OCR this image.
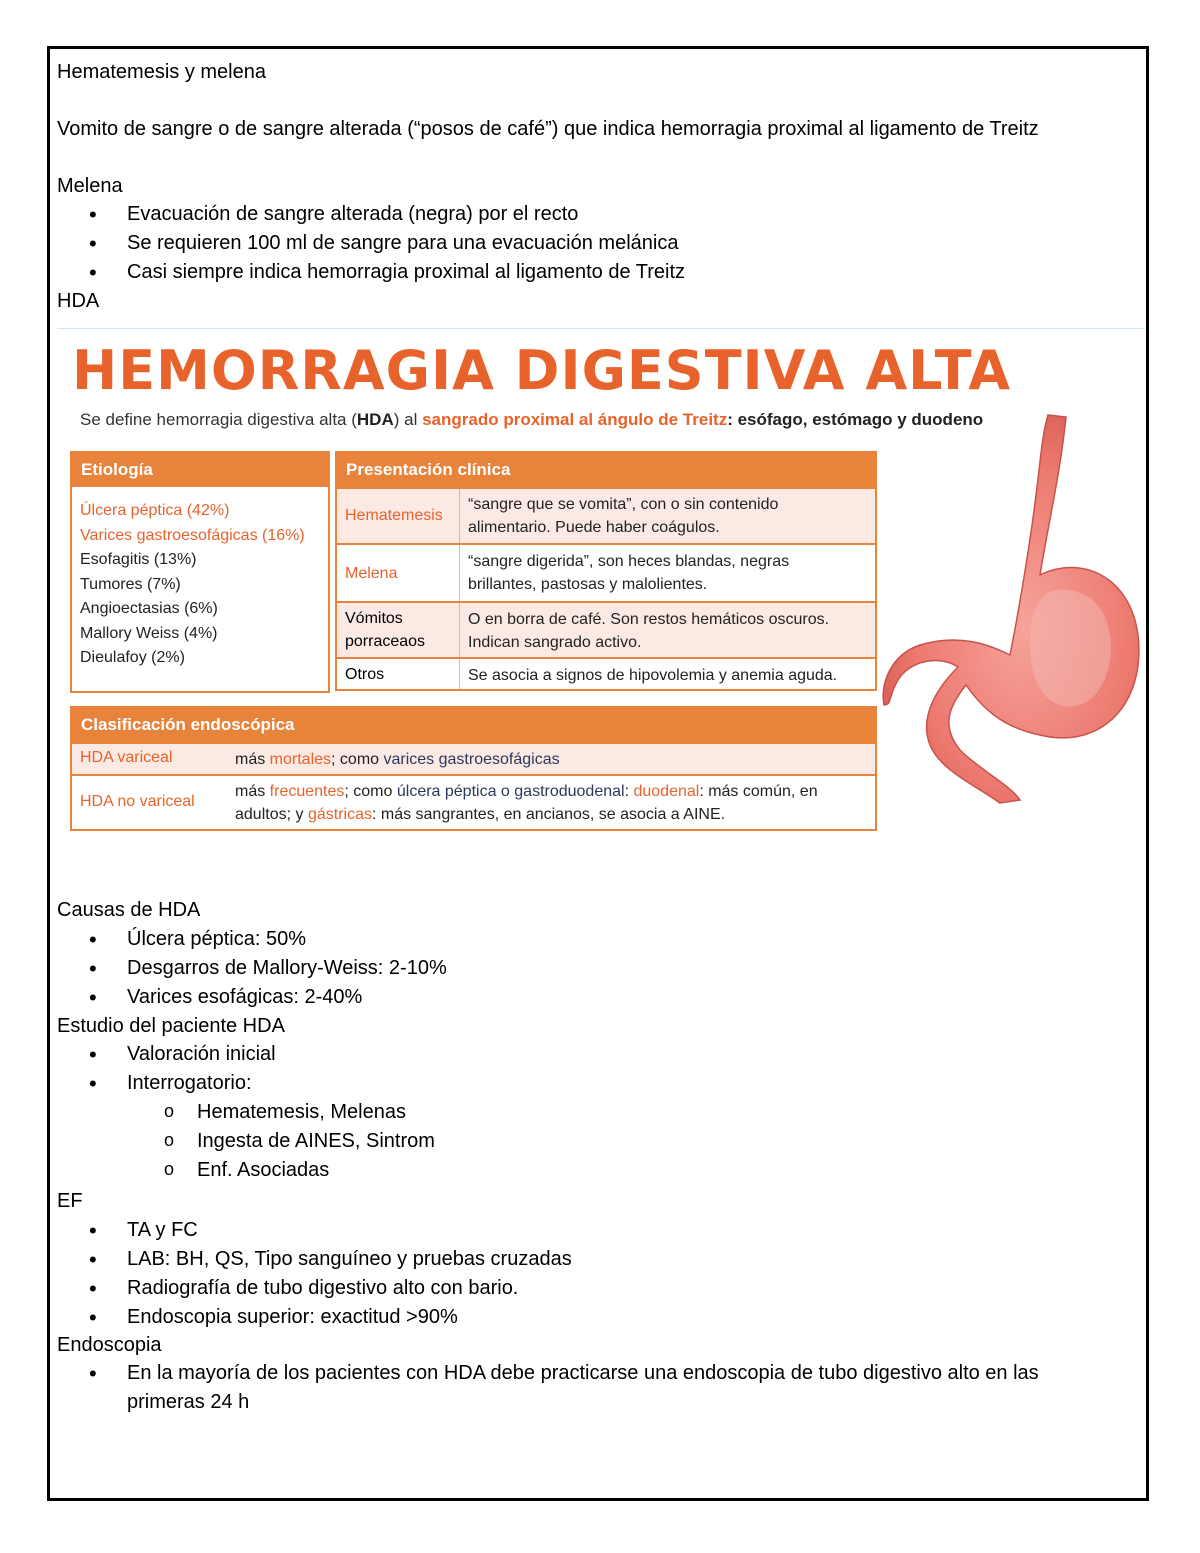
Hematemesis y melena
Vomito de sangre o de sangre alterada (“posos de café”) que indica hemorragia proximal al ligamento de Treitz
Melena
• Evacuación de sangre alterada (negra) por el recto
• Se requieren 100 ml de sangre para una evacuación melánica
• Casi siempre indica hemorragia proximal al ligamento de Treitz
HDA
HEMORRAGIA DIGESTIVA ALTA
Se define hemorragia digestiva alta (HDA) al sangrado proximal al ángulo de Treitz: esófago, estómago y duodeno
Etiología
Úlcera péptica (42%)
Varices gastroesofágicas (16%)
Esofagitis (13%)
Tumores (7%)
Angioectasias (6%)
Mallory Weiss (4%)
Dieulafoy (2%)
Presentación clínica
Hematemesis
“sangre que se vomita”, con o sin contenido
alimentario. Puede haber coágulos.
Melena
“sangre digerida”, son heces blandas, negras
brillantes, pastosas y malolientes.
Vómitos
porraceaos
O en borra de café. Son restos hemáticos oscuros.
Indican sangrado activo.
Otros	Se asocia a signos de hipovolemia y anemia aguda.
Clasificación endoscópica
HDA variceal	más mortales; como varices gastroesofágicas
HDA no variceal
más frecuentes; como úlcera péptica o gastroduodenal: duodenal: más común, en
adultos; y gástricas: más sangrantes, en ancianos, se asocia a AINE.
Causas de HDA
• Úlcera péptica: 50%
• Desgarros de Mallory-Weiss: 2-10%
• Varices esofágicas: 2-40%
Estudio del paciente HDA
• Valoración inicial
• Interrogatorio:
o Hematemesis, Melenas
o Ingesta de AINES, Sintrom
o Enf. Asociadas
EF
• TA y FC
• LAB: BH, QS, Tipo sanguíneo y pruebas cruzadas
• Radiografía de tubo digestivo alto con bario.
• Endoscopia superior: exactitud >90%
Endoscopia
• En la mayoría de los pacientes con HDA debe practicarse una endoscopia de tubo digestivo alto en las
primeras 24 h
